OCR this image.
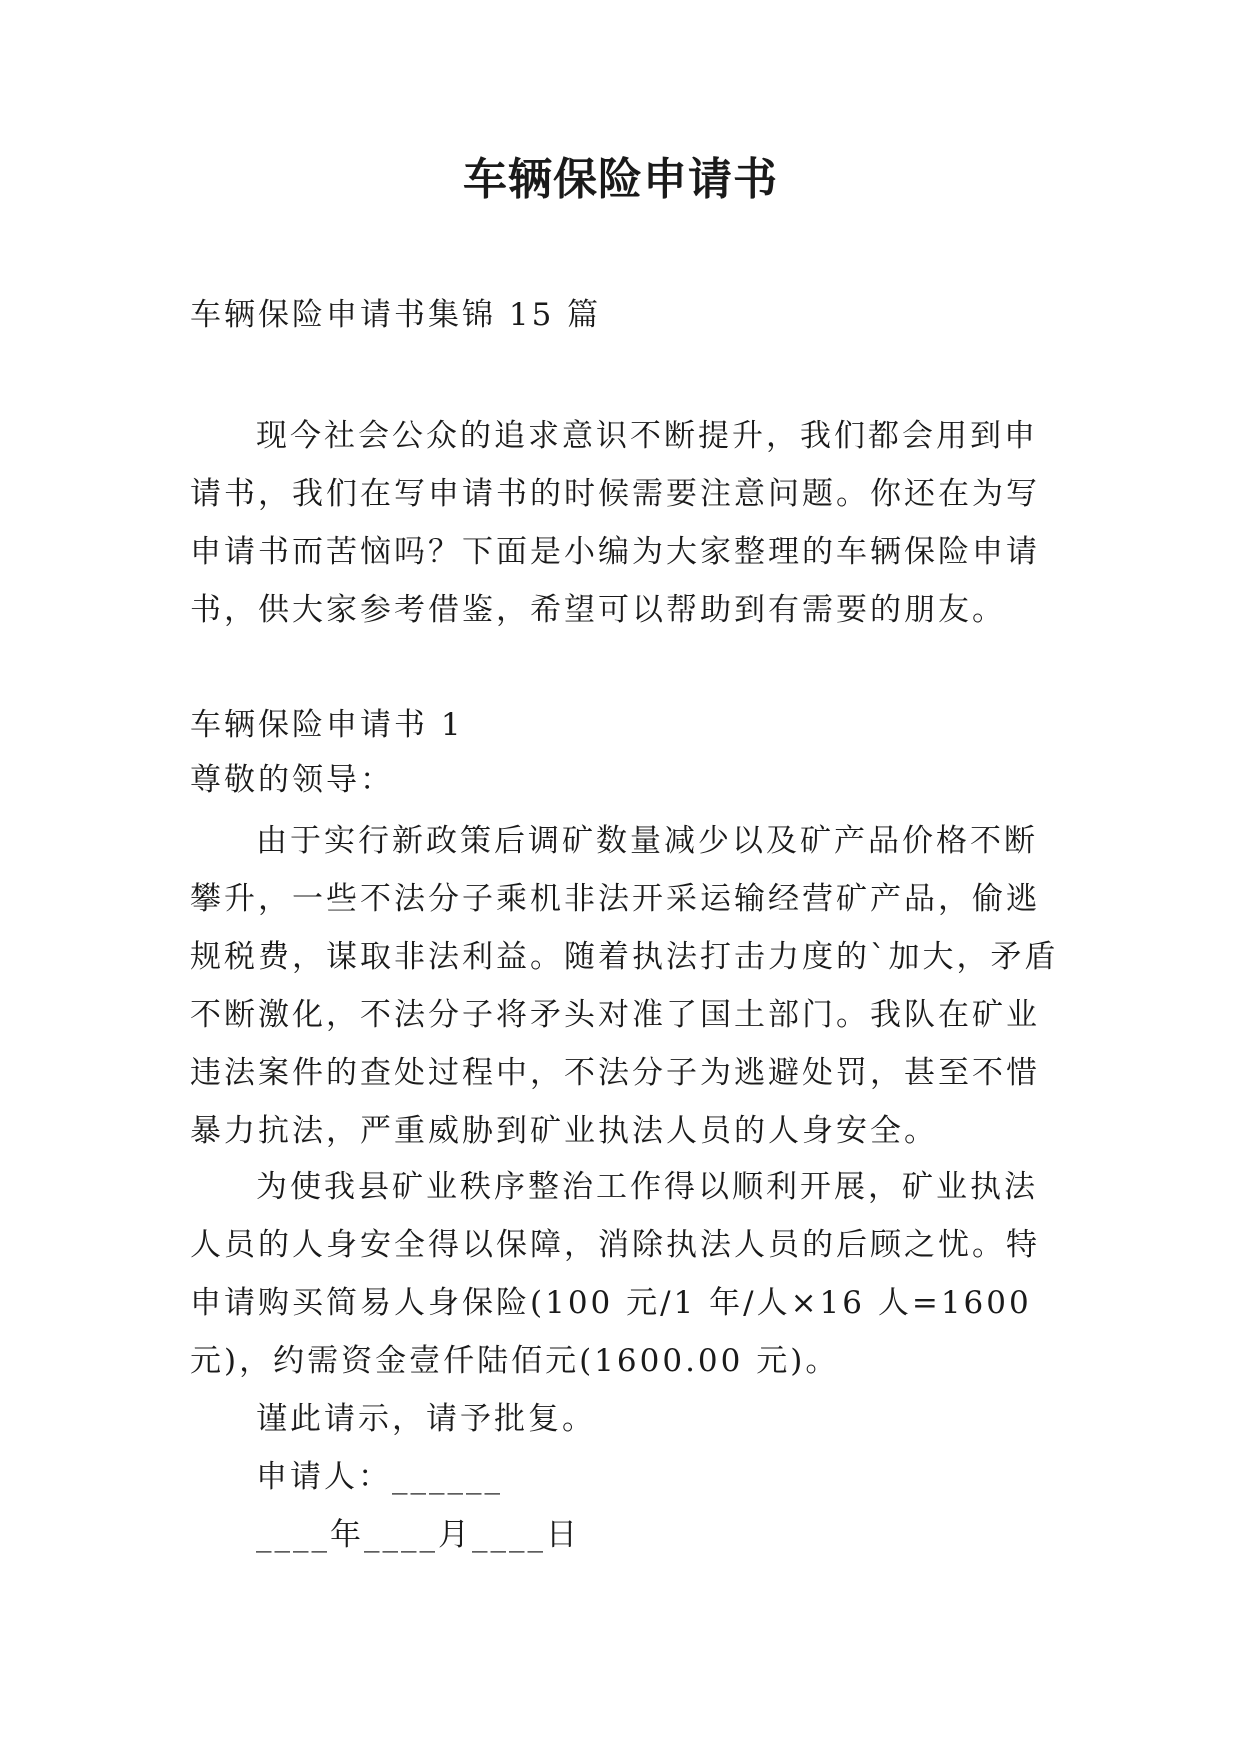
车辆保险申请书
车辆保险申请书集锦 15 篇
现今社会公众的追求意识不断提升，我们都会用到申请书，我们在写申请书的时候需要注意问题。你还在为写申请书而苦恼吗？下面是小编为大家整理的车辆保险申请书，供大家参考借鉴，希望可以帮助到有需要的朋友。
车辆保险申请书 1
尊敬的领导：
由于实行新政策后调矿数量减少以及矿产品价格不断攀升，一些不法分子乘机非法开采运输经营矿产品，偷逃规税费，谋取非法利益。随着执法打击力度的`加大，矛盾不断激化，不法分子将矛头对准了国土部门。我队在矿业违法案件的查处过程中，不法分子为逃避处罚，甚至不惜暴力抗法，严重威胁到矿业执法人员的人身安全。
为使我县矿业秩序整治工作得以顺利开展，矿业执法人员的人身安全得以保障，消除执法人员的后顾之忧。特申请购买简易人身保险(100 元/1 年/人×16 人=1600 元)，约需资金壹仟陆佰元(1600.00 元)。
谨此请示，请予批复。
申请人：______
____年____月____日
